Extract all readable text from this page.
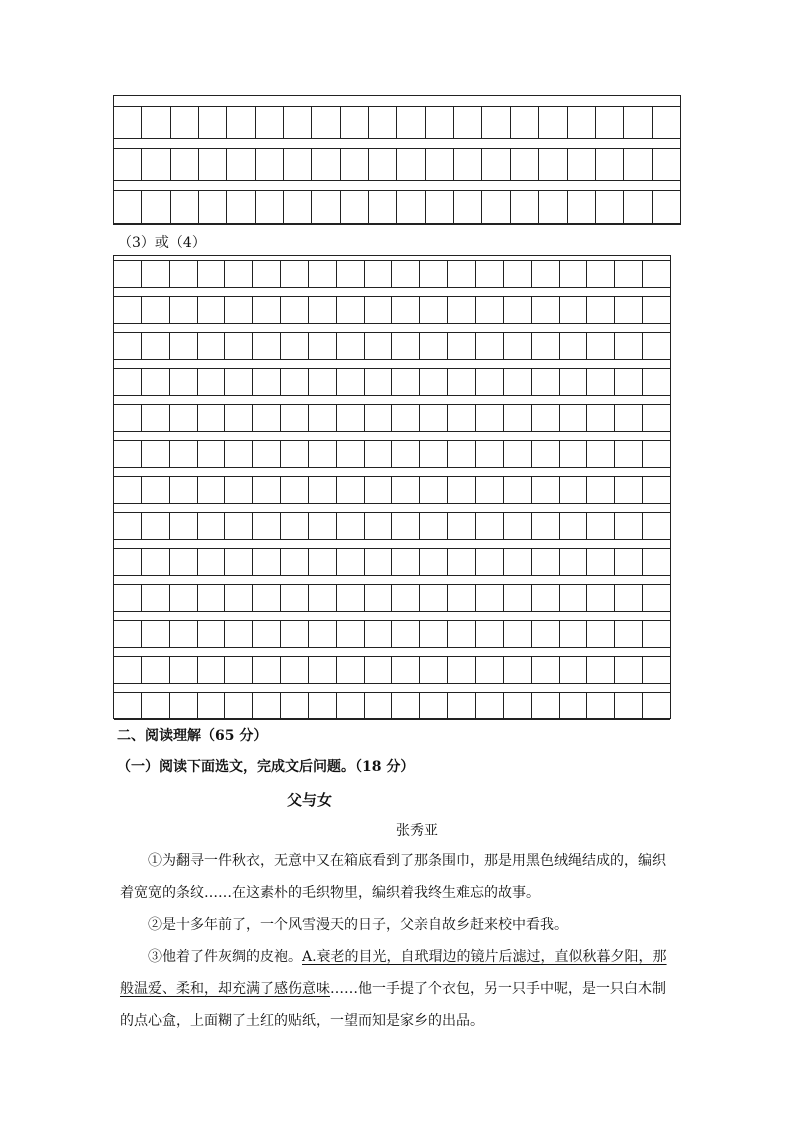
（3）或（4）
二、阅读理解（65 分）
（一）阅读下面选文，完成文后问题。（18 分）
父与女
张秀亚

①为翻寻一件秋衣，无意中又在箱底看到了那条围巾，那是用黑色绒绳结成的，编织着宽宽的条纹……在这素朴的毛织物里，编织着我终生难忘的故事。

②是十多年前了，一个风雪漫天的日子，父亲自故乡赶来校中看我。

③他着了件灰绸的皮袍。A.衰老的目光，自玳瑁边的镜片后滤过，直似秋暮夕阳，那般温爱、柔和，却充满了感伤意味……他一手提了个衣包，另一只手中呢，是一只白木制的点心盒，上面糊了土红的贴纸，一望而知是家乡的出品。
